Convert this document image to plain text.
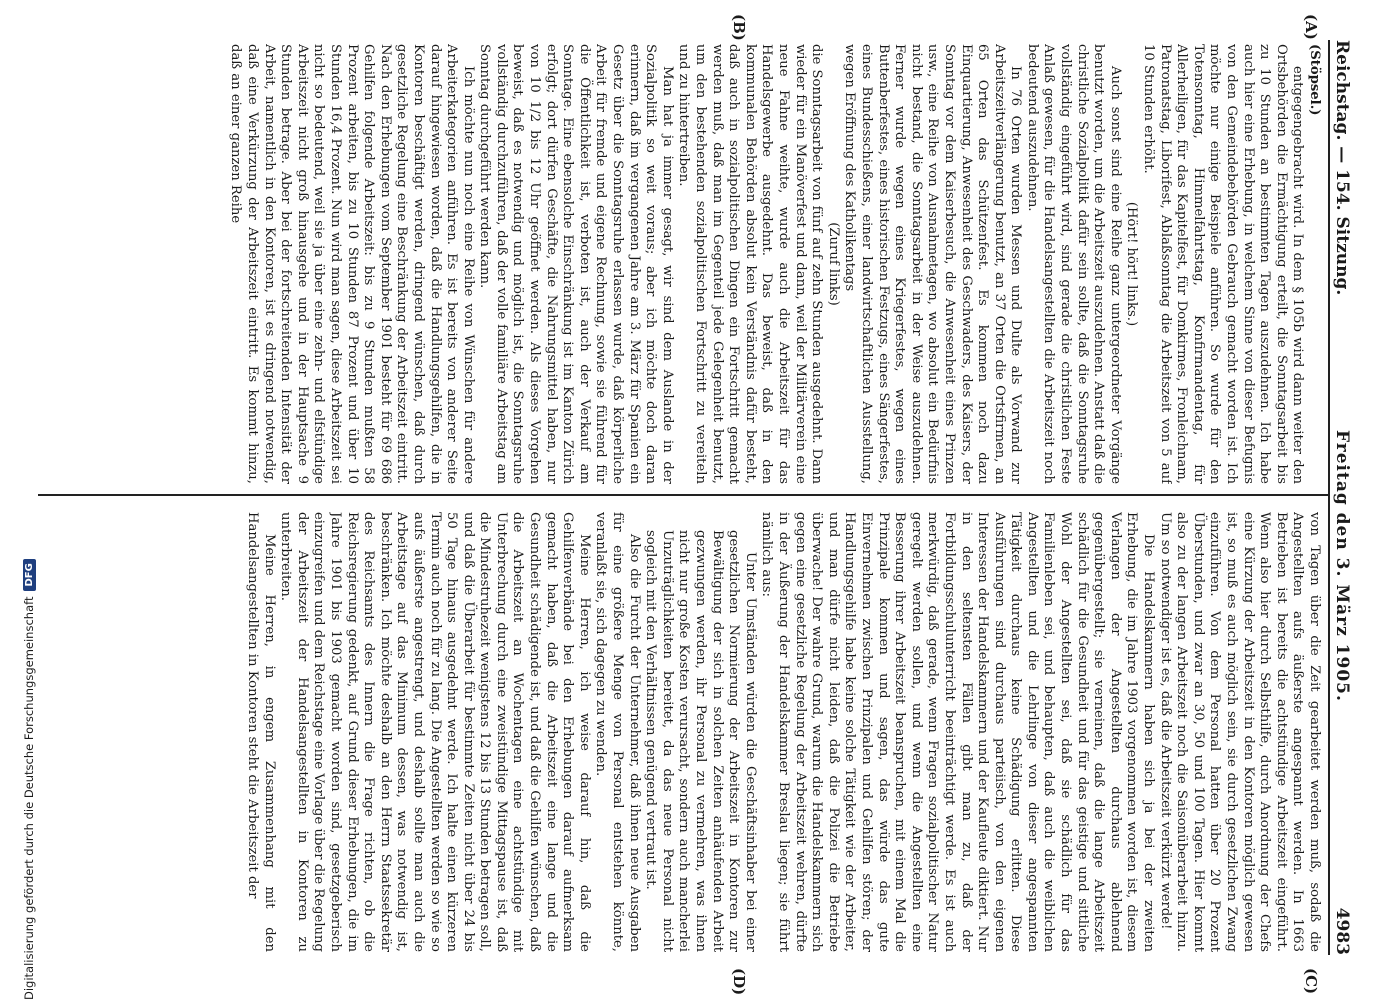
Reichstag. — 154. Sitzung.
Freitag den 3. März 1905.
4983
(A)
(B)
(C)
(D)

(Stöpsel.)

entgegengebracht wird. In dem § 105b wird dann weiter den Ortsbehörden die Ermächtigung erteilt, die Sonntagsarbeit bis zu 10 Stunden an bestimmten Tagen auszudehnen. Ich habe auch hier eine Erhebung, in welchem Sinne von dieser Befugnis von den Gemeindebehörden Gebrauch gemacht worden ist. Ich möchte nur einige Beispiele anführen. So wurde für den Totensonntag, Himmelfahrtstag, Konfirmandentag, für Allerheiligen, für das Kapitelfest, für Domkirmes, Fronleichnam, Patronatstag, Liborifest, Ablaßsonntag die Arbeitszeit von 5 auf 10 Stunden erhöht.

(Hört! hört! links.)

Auch sonst sind eine Reihe ganz untergeordneter Vorgänge benutzt worden, um die Arbeitszeit auszudehnen. Anstatt daß die christliche Sozialpolitik dafür sein sollte, daß die Sonntagsruhe vollständig eingeführt wird, sind gerade die christlichen Feste Anlaß gewesen, für die Handelsangestellten die Arbeitszeit noch bedeutend auszudehnen.

In 76 Orten wurden Messen und Dulte als Vorwand zur Arbeitszeitverlängerung benutzt, an 37 Orten die Ortsfirmen, an 65 Orten das Schützenfest. Es kommen noch dazu Einquartierung, Anwesenheit des Geschwaders, des Kaisers, der Sonntag vor dem Kaiserbesuch, die Anwesenheit eines Prinzen usw., eine Reihe von Ausnahmetagen, wo absolut ein Bedürfnis nicht bestand, die Sonntagsarbeit in der Weise auszudehnen. Ferner wurde wegen eines Kriegerfestes, wegen eines Buttenberfestes, eines historischen Festzugs, eines Sängerfestes, eines Bundesschießens, einer landwirtschaftlichen Ausstellung, wegen Eröffnung des Katholikentags

(Zuruf links)

die Sonntagsarbeit von fünf auf zehn Stunden ausgedehnt. Dann wieder für ein Manöverfest und dann, weil der Militärverein eine neue Fahne weihte, wurde auch die Arbeitszeit für das Handelsgewerbe ausgedehnt. Das beweist, daß in den kommunalen Behörden absolut kein Verständnis dafür besteht, daß auch in sozialpolitischen Dingen ein Fortschritt gemacht werden muß, daß man im Gegenteil jede Gelegenheit benutzt, um den bestehenden sozialpolitischen Fortschritt zu vereiteln und zu hintertreiben.

Man hat ja immer gesagt, wir sind dem Auslande in der Sozialpolitik so weit voraus; aber ich möchte doch daran erinnern, daß im vergangenen Jahre am 3. März für Spanien ein Gesetz über die Sonntagsruhe erlassen wurde, daß körperliche Arbeit für fremde und eigene Rechnung, sowie sie führend für die Öffentlichkeit ist, verboten ist, auch der Verkauf am Sonntage. Eine ebensolche Einschränkung ist im Kanton Zürich erfolgt; dort dürfen Geschäfte, die Nahrungsmittel haben, nur von 10 1/2 bis 12 Uhr geöffnet werden. Als dieses Vorgehen beweist, daß es notwendig und möglich ist, die Sonntagsruhe vollständig durchzuführen, daß der volle familiäre Arbeitstag am Sonntag durchgeführt werden kann.

Ich möchte nun noch eine Reihe von Wünschen für andere Arbeiterkategorien anführen. Es ist bereits von anderer Seite darauf hingewiesen worden, daß die Handlungsgehilfen, die in Kontoren beschäftigt werden, dringend wünschen, daß durch gesetzliche Regelung eine Beschränkung der Arbeitszeit eintritt. Nach den Erhebungen vom September 1901 besteht für 69 686 Gehilfen folgende Arbeitszeit: bis zu 9 Stunden mußten 58 Prozent arbeiten, bis zu 10 Stunden 87 Prozent und über 10 Stunden 16,4 Prozent. Nun wird man sagen, diese Arbeitszeit sei nicht so bedeutend, weil sie ja über eine zehn- und elfstündige Arbeitszeit nicht groß hinausgehe und in der Hauptsache 9 Stunden betrage. Aber bei der fortschreitenden Intensität der Arbeit, namentlich in den Kontoren, ist es dringend notwendig, daß eine Verkürzung der Arbeitszeit eintritt. Es kommt hinzu, daß an einer ganzen Reihe

von Tagen über die Zeit gearbeitet werden muß, sodaß die Angestellten aufs äußerste angespannt werden. In 1663 Betrieben ist bereits die achtstündige Arbeitszeit eingeführt. Wenn also hier durch Selbsthilfe, durch Anordnung der Chefs eine Kürzung der Arbeitszeit in den Kontoren möglich gewesen ist, so muß es auch möglich sein, sie durch gesetzlichen Zwang einzuführen. Von dem Personal hatten über 20 Prozent Überstunden, und zwar an 30, 50 und 100 Tagen. Hier kommt also zu der langen Arbeitszeit noch die Saisonüberarbeit hinzu. Um so notwendiger ist es, daß die Arbeitszeit verkürzt werde!

Die Handelskammern haben sich ja bei der zweiten Erhebung, die im Jahre 1903 vorgenommen worden ist, diesem Verlangen der Angestellten durchaus ablehnend gegenübergestellt; sie verneinen, daß die lange Arbeitszeit schädlich für die Gesundheit und für das geistige und sittliche Wohl der Angestellten sei, daß sie schädlich für das Familienleben sei, und behaupten, daß auch die weiblichen Angestellten und die Lehrlinge von dieser angespannten Tätigkeit durchaus keine Schädigung erlitten. Diese Ausführungen sind durchaus parteiisch, von den eigenen Interessen der Handelskammern und der Kaufleute diktiert. Nur in den seltensten Fällen gibt man zu, daß der Fortbildungsschulunterricht beeinträchtigt werde. Es ist auch merkwürdig, daß gerade, wenn Fragen sozialpolitischer Natur geregelt werden sollen, und wenn die Angestellten eine Besserung ihrer Arbeitszeit beanspruchen, mit einem Mal die Prinzipale kommen und sagen, das würde das gute Einvernehmen zwischen Prinzipalen und Gehilfen stören; der Handlungsgehilfe habe keine solche Tätigkeit wie der Arbeiter, und man dürfe nicht leiden, daß die Polizei die Betriebe überwache! Der wahre Grund, warum die Handelskammern sich gegen eine gesetzliche Regelung der Arbeitszeit wehren, dürfte in der Äußerung der Handelskammer Breslau liegen; sie führt nämlich aus:

Unter Umständen würden die Geschäftsinhaber bei einer gesetzlichen Normierung der Arbeitszeit in Kontoren zur Bewältigung der sich in solchen Zeiten anhäufenden Arbeit gezwungen werden, ihr Personal zu vermehren, was ihnen nicht nur große Kosten verursacht, sondern auch mancherlei Unzuträglichkeiten bereitet, da das neue Personal nicht sogleich mit den Verhältnissen genügend vertraut ist.

Also die Furcht der Unternehmer, daß ihnen neue Ausgaben für eine größere Menge von Personal entstehen könnte, veranlaßt sie, sich dagegen zu wenden.

Meine Herren, ich weise darauf hin, daß die Gehilfenverbände bei den Erhebungen darauf aufmerksam gemacht haben, daß die Arbeitszeit eine lange und die Gesundheit schädigende ist, und daß die Gehilfen wünschen, daß die Arbeitszeit an Wochentagen eine achtstündige mit Unterbrechung durch eine zweistündige Mittagspause ist, daß die Mindestruhezeit wenigstens 12 bis 13 Stunden betragen soll, und daß die Überarbeit für bestimmte Zeiten nicht über 24 bis 50 Tage hinaus ausgedehnt werde. Ich halte einen kürzeren Termin auch noch für zu lang. Die Angestellten werden so wie so aufs äußerste angestrengt, und deshalb sollte man auch die Arbeitstage auf das Minimum dessen, was notwendig ist, beschränken. Ich möchte deshalb an den Herrn Staatssekretär des Reichsamts des Innern die Frage richten, ob die Reichsregierung gedenkt, auf Grund dieser Erhebungen, die im Jahre 1901 bis 1903 gemacht worden sind, gesetzgeberisch einzugreifen und dem Reichstage eine Vorlage über die Regelung der Arbeitszeit der Handelsangestellten in Kontoren zu unterbreiten.

Meine Herren, in engem Zusammenhang mit den Handelsangestellten in Kontoren steht die Arbeitszeit der

Digitalisierung gefördert durch die Deutsche Forschungsgemeinschaft
DFG
